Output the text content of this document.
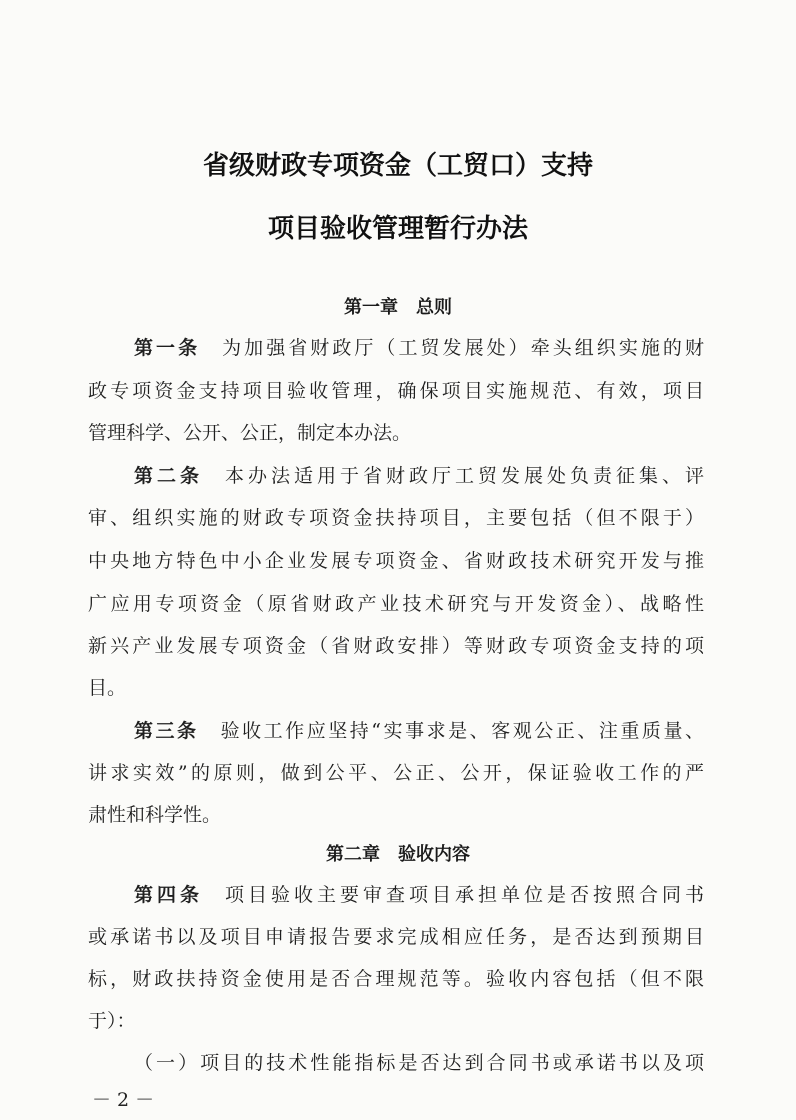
省级财政专项资金（工贸口）支持
项目验收管理暂行办法
第一章 总则
第一条 为加强省财政厅（工贸发展处）牵头组织实施的财
政专项资金支持项目验收管理，确保项目实施规范、有效，项目
管理科学、公开、公正，制定本办法。
第二条 本办法适用于省财政厅工贸发展处负责征集、评
审、组织实施的财政专项资金扶持项目，主要包括（但不限于）
中央地方特色中小企业发展专项资金、省财政技术研究开发与推
广应用专项资金（原省财政产业技术研究与开发资金）、战略性
新兴产业发展专项资金（省财政安排）等财政专项资金支持的项
目。
第三条 验收工作应坚持“实事求是、客观公正、注重质量、
讲求实效”的原则，做到公平、公正、公开，保证验收工作的严
肃性和科学性。
第二章 验收内容
第四条 项目验收主要审查项目承担单位是否按照合同书
或承诺书以及项目申请报告要求完成相应任务，是否达到预期目
标，财政扶持资金使用是否合理规范等。验收内容包括（但不限
于）：
（一）项目的技术性能指标是否达到合同书或承诺书以及项
－ 2 －
